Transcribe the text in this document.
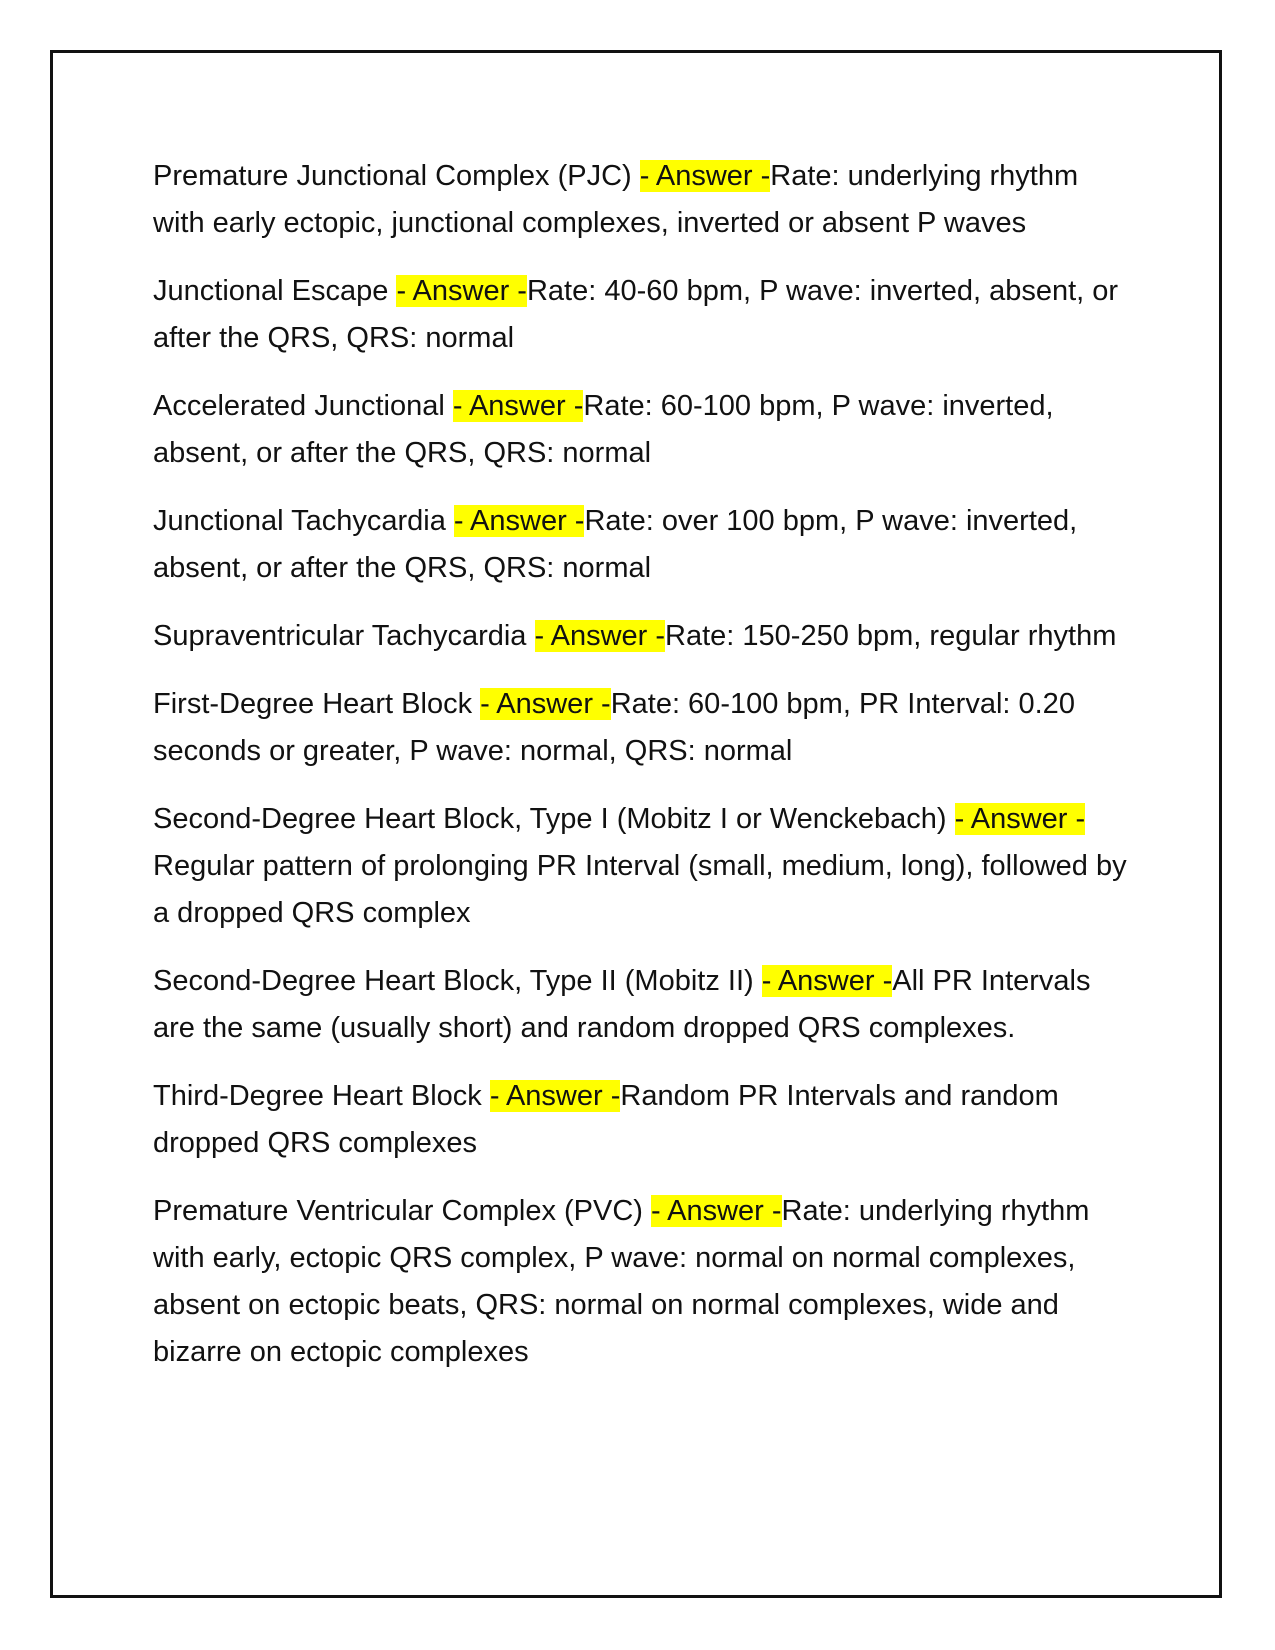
Premature Junctional Complex (PJC) - Answer -Rate: underlying rhythm with early ectopic, junctional complexes, inverted or absent P waves

Junctional Escape - Answer -Rate: 40-60 bpm, P wave: inverted, absent, or after the QRS, QRS: normal

Accelerated Junctional - Answer -Rate: 60-100 bpm, P wave: inverted, absent, or after the QRS, QRS: normal

Junctional Tachycardia - Answer -Rate: over 100 bpm, P wave: inverted, absent, or after the QRS, QRS: normal

Supraventricular Tachycardia - Answer -Rate: 150-250 bpm, regular rhythm

First-Degree Heart Block - Answer -Rate: 60-100 bpm, PR Interval: 0.20 seconds or greater, P wave: normal, QRS: normal

Second-Degree Heart Block, Type I (Mobitz I or Wenckebach) - Answer -
Regular pattern of prolonging PR Interval (small, medium, long), followed by a dropped QRS complex

Second-Degree Heart Block, Type II (Mobitz II) - Answer -All PR Intervals are the same (usually short) and random dropped QRS complexes.

Third-Degree Heart Block - Answer -Random PR Intervals and random dropped QRS complexes

Premature Ventricular Complex (PVC) - Answer -Rate: underlying rhythm with early, ectopic QRS complex, P wave: normal on normal complexes, absent on ectopic beats, QRS: normal on normal complexes, wide and bizarre on ectopic complexes
